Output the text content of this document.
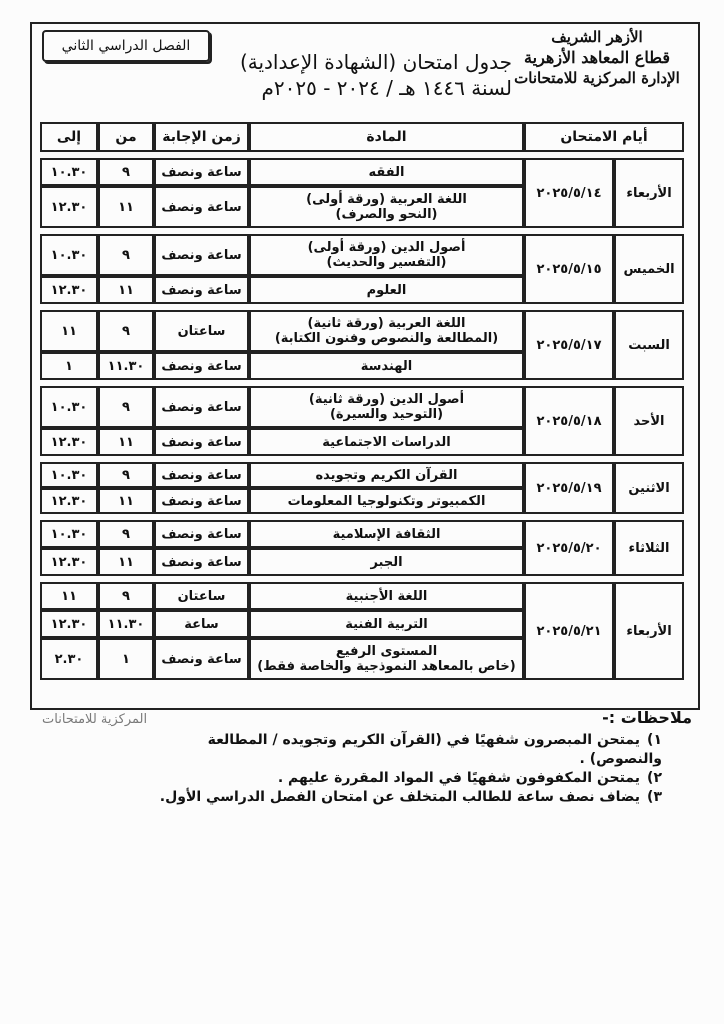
الأزهر الشريف
قطاع المعاهد الأزهرية
الإدارة المركزية للامتحانات
جدول امتحان (الشهادة الإعدادية)
لسنة ١٤٤٦ هـ / ٢٠٢٤ - ٢٠٢٥م
الفصل الدراسي الثاني
أيام الامتحان		المادة	زمن الإجابة	من	إلى

الأربعاء	٢٠٢٥/٥/١٤	الفقه	ساعة ونصف	٩	١٠.٣٠

		اللغة العربية (ورقة أولى)
(النحو والصرف)	ساعة ونصف	١١	١٢.٣٠

الخميس	٢٠٢٥/٥/١٥	أصول الدين (ورقة أولى)
(التفسير والحديث)	ساعة ونصف	٩	١٠.٣٠
		العلوم	ساعة ونصف	١١	١٢.٣٠

السبت	٢٠٢٥/٥/١٧	اللغة العربية (ورقة ثانية)
(المطالعة والنصوص وفنون الكتابة)	ساعتان	٩	١١
		الهندسة	ساعة ونصف	١١.٣٠	١

الأحد	٢٠٢٥/٥/١٨	أصول الدين (ورقة ثانية)
(التوحيد والسيرة)	ساعة ونصف	٩	١٠.٣٠
		الدراسات الاجتماعية	ساعة ونصف	١١	١٢.٣٠

الاثنين	٢٠٢٥/٥/١٩	القرآن الكريم وتجويده	ساعة ونصف	٩	١٠.٣٠
		الكمبيوتر وتكنولوجيا المعلومات	ساعة ونصف	١١	١٢.٣٠

الثلاثاء	٢٠٢٥/٥/٢٠	الثقافة الإسلامية	ساعة ونصف	٩	١٠.٣٠
		الجبر	ساعة ونصف	١١	١٢.٣٠

الأربعاء	٢٠٢٥/٥/٢١	اللغة الأجنبية	ساعتان	٩	١١
		التربية الفنية	ساعة	١١.٣٠	١٢.٣٠

		المستوى الرفيع
(خاص بالمعاهد النموذجية والخاصة فقط)	ساعة ونصف	١	٢.٣٠
المركزية للامتحانات	ملاحظات :-
١)يمتحن المبصرون شفهيًا في (القرآن الكريم وتجويده / المطالعة والنصوص) .
٢)يمتحن المكفوفون شفهيًا في المواد المقررة عليهم .
٣)يضاف نصف ساعة للطالب المتخلف عن امتحان الفصل الدراسي الأول.
